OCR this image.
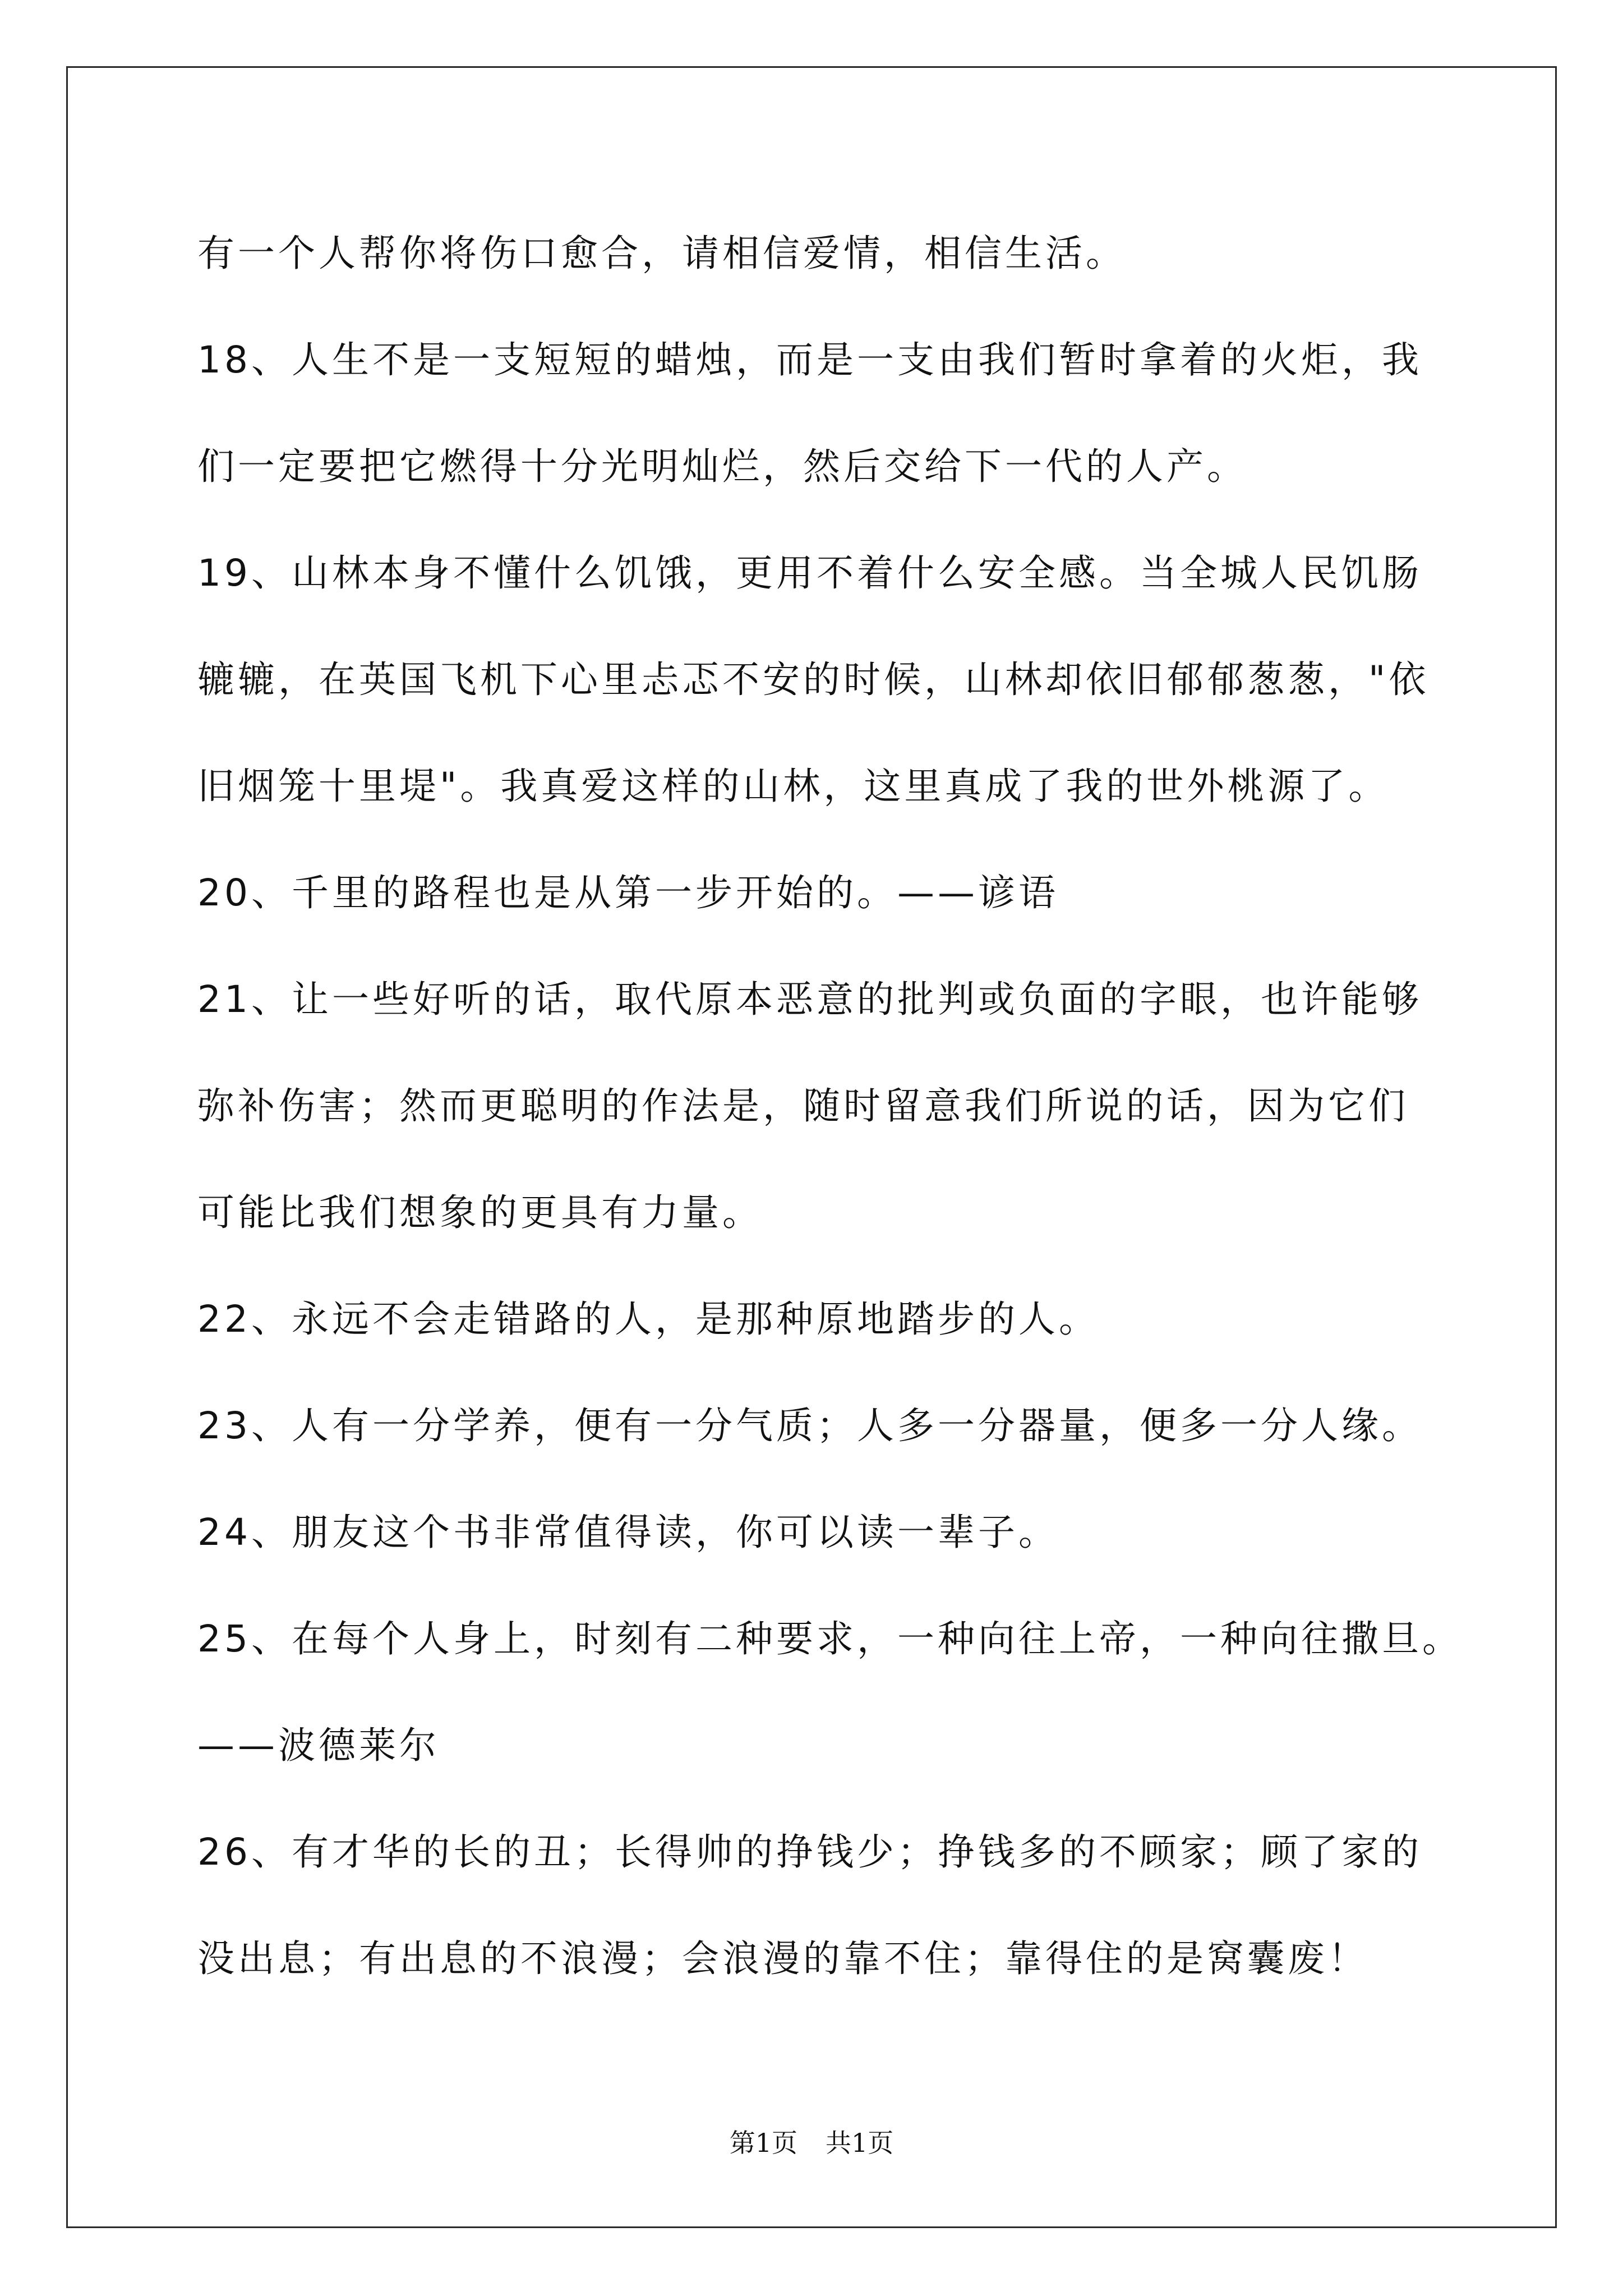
有一个人帮你将伤口愈合，请相信爱情，相信生活。
18、人生不是一支短短的蜡烛，而是一支由我们暂时拿着的火炬，我
们一定要把它燃得十分光明灿烂，然后交给下一代的人产。
19、山林本身不懂什么饥饿，更用不着什么安全感。当全城人民饥肠
辘辘，在英国飞机下心里忐忑不安的时候，山林却依旧郁郁葱葱，"依
旧烟笼十里堤"。我真爱这样的山林，这里真成了我的世外桃源了。
20、千里的路程也是从第一步开始的。——谚语
21、让一些好听的话，取代原本恶意的批判或负面的字眼，也许能够
弥补伤害；然而更聪明的作法是，随时留意我们所说的话，因为它们
可能比我们想象的更具有力量。
22、永远不会走错路的人，是那种原地踏步的人。
23、人有一分学养，便有一分气质；人多一分器量，便多一分人缘。
24、朋友这个书非常值得读，你可以读一辈子。
25、在每个人身上，时刻有二种要求，一种向往上帝，一种向往撒旦。
——波德莱尔
26、有才华的长的丑；长得帅的挣钱少；挣钱多的不顾家；顾了家的
没出息；有出息的不浪漫；会浪漫的靠不住；靠得住的是窝囊废！
第1页 共1页
